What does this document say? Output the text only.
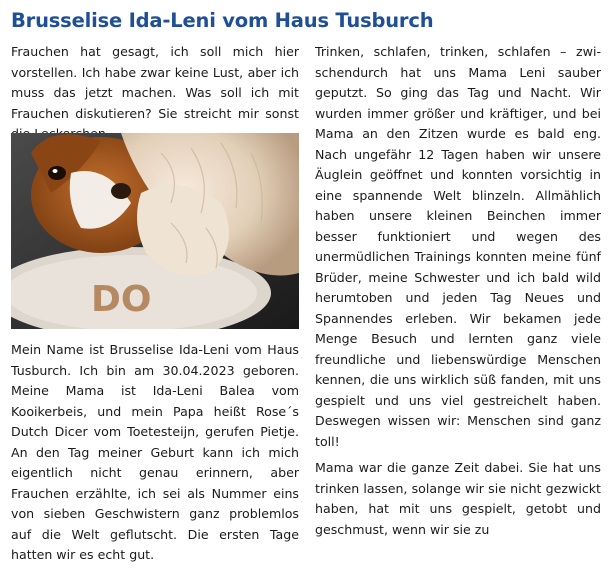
Brusselise Ida-Leni vom Haus Tusburch

Frauchen hat gesagt, ich soll mich hier vorstellen. Ich habe zwar keine Lust, aber ich muss das jetzt machen. Was soll ich mit Frauchen diskutieren? Sie streicht mir sonst

DO

Mein Name ist Brusselise Ida-Leni vom Haus Tusburch. Ich bin am 30.04.2023 geboren. Meine Mama ist Ida-Leni Balea vom Kooikerbeis, und mein Papa heißt Rose´s Dutch Dicer vom Toetesteijn, gerufen Pietje. An den Tag meiner Geburt kann ich mich eigentlich nicht genau erinnern, aber Frauchen erzählte, ich sei als Nummer eins von sieben Geschwistern ganz problemlos auf die Welt geflutscht. Die ersten Tage hatten wir es echt gut.

Trinken, schlafen, trinken, schlafen – zwischendurch hat uns Mama Leni sauber geputzt. So ging das Tag und Nacht. Wir wurden immer größer und kräftiger, und bei Mama an den Zitzen wurde es bald eng. Nach ungefähr 12 Tagen haben wir unsere Äuglein geöffnet und konnten vorsichtig in eine spannende Welt blinzeln. Allmählich haben unsere kleinen Beinchen immer besser funktioniert und wegen des unermüdlichen Trainings konnten meine fünf Brüder, meine Schwester und ich bald wild herumtoben und jeden Tag Neues und Spannendes erleben. Wir bekamen jede Menge Besuch und lernten ganz viele freundliche und liebenswürdige Menschen kennen, die uns wirklich süß fanden, mit uns gespielt und uns viel gestreichelt haben. Deswegen wissen wir: Menschen sind ganz toll!

Mama war die ganze Zeit dabei. Sie hat uns trinken lassen, solange wir sie nicht gezwickt haben, hat mit uns gespielt, getobt und geschmust, wenn wir sie zu
